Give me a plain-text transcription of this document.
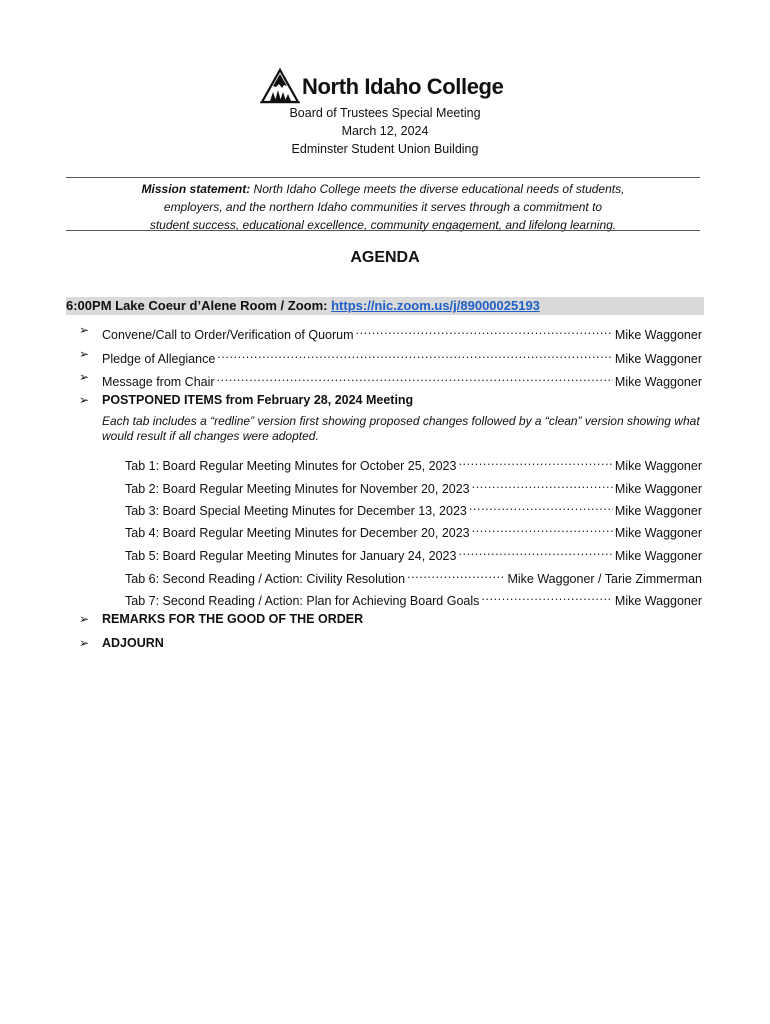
North Idaho College
Board of Trustees Special Meeting
March 12, 2024
Edminster Student Union Building
Mission statement: North Idaho College meets the diverse educational needs of students,
employers, and the northern Idaho communities it serves through a commitment to
student success, educational excellence, community engagement, and lifelong learning.
AGENDA
6:00PM Lake Coeur d’Alene Room / Zoom: https://nic.zoom.us/j/89000025193
➢ Convene/Call to Order/Verification of Quorum .....	Mike Waggoner
➢ Pledge of Allegiance .....	Mike Waggoner
➢ Message from Chair .....	Mike Waggoner
➢ POSTPONED ITEMS from February 28, 2024 Meeting
Each tab includes a “redline” version first showing proposed changes followed by a “clean” version showing what would result if all changes were adopted.
Tab 1: Board Regular Meeting Minutes for October 25, 2023 .....	Mike Waggoner
Tab 2: Board Regular Meeting Minutes for November 20, 2023 .....	Mike Waggoner
Tab 3: Board Special Meeting Minutes for December 13, 2023 .....	Mike Waggoner
Tab 4: Board Regular Meeting Minutes for December 20, 2023 .....	Mike Waggoner
Tab 5: Board Regular Meeting Minutes for January 24, 2023 .....	Mike Waggoner
Tab 6: Second Reading / Action: Civility Resolution .....	Mike Waggoner / Tarie Zimmerman
Tab 7: Second Reading / Action: Plan for Achieving Board Goals .....	Mike Waggoner
➢ REMARKS FOR THE GOOD OF THE ORDER
➢ ADJOURN
